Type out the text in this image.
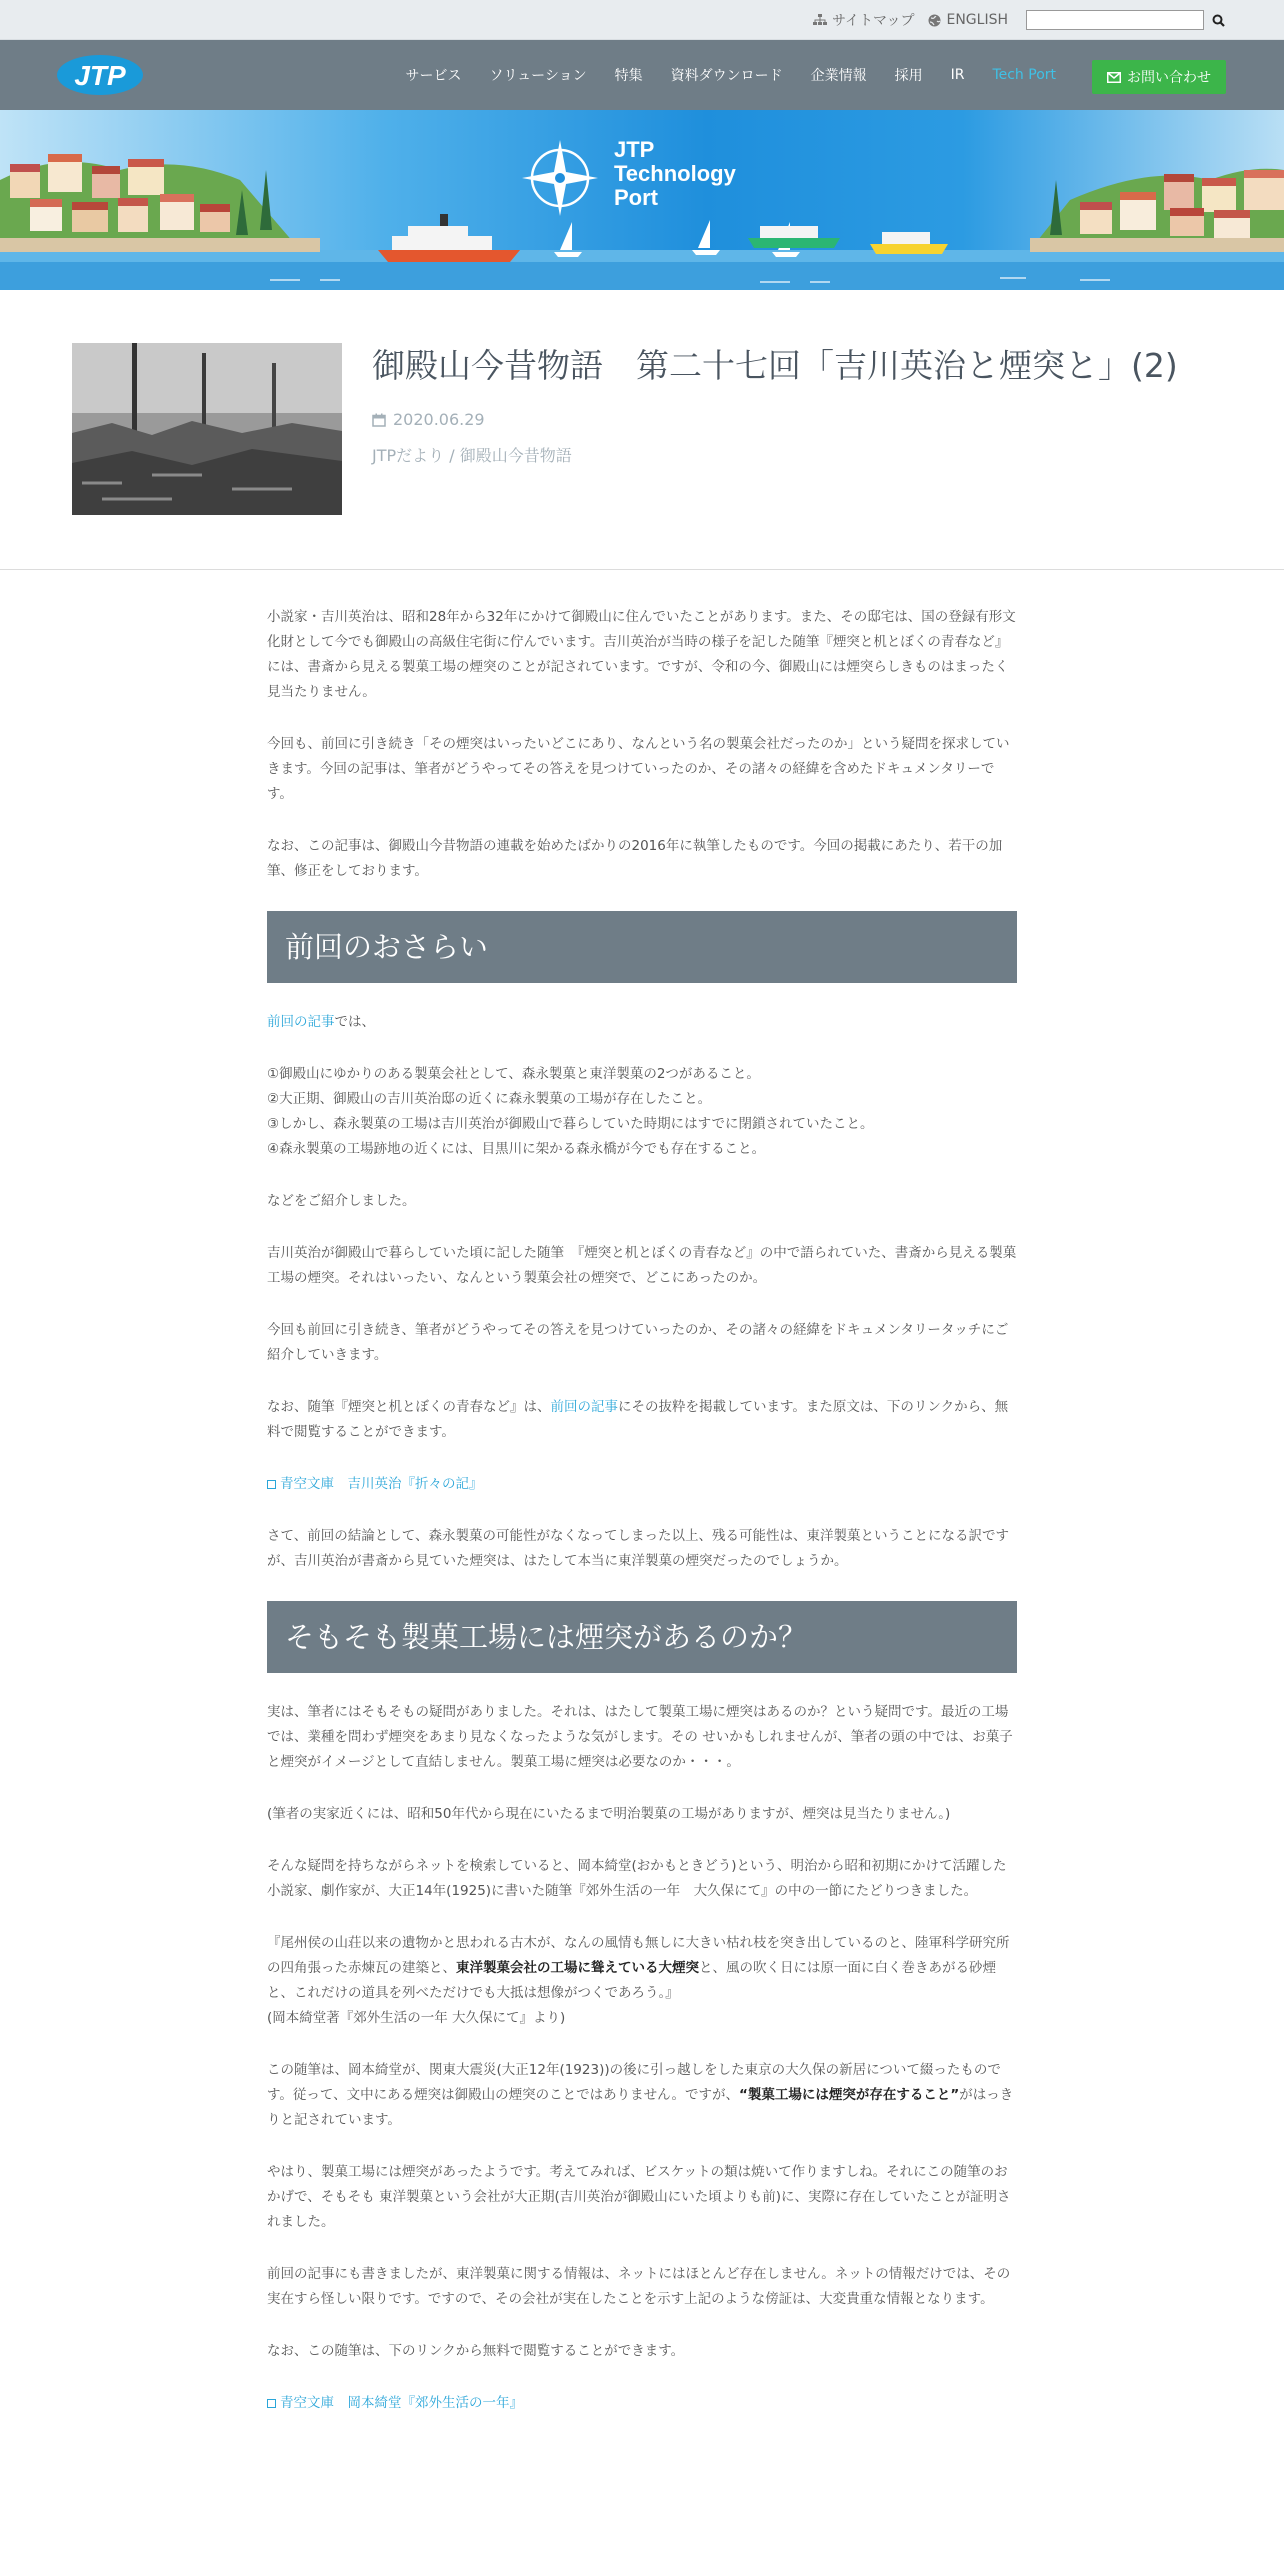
サイトマップ ENGLISH
JTP	サービス ソリューション 特集 資料ダウンロード 企業情報 採用 IR Tech Port	お問い合わせ
JTP
Technology
Port
御殿山今昔物語　第二十七回「吉川英治と煙突と」(2)
2020.06.29
JTPだより / 御殿山今昔物語

小説家・吉川英治は、昭和28年から32年にかけて御殿山に住んでいたことがあります。また、その邸宅は、国の登録有形文化財として今でも御殿山の高級住宅街に佇んでいます。吉川英治が当時の様子を記した随筆『煙突と机とぼくの青春など』には、書斎から見える製菓工場の煙突のことが記されています。ですが、令和の今、御殿山には煙突らしきものはまったく見当たりません。

今回も、前回に引き続き「その煙突はいったいどこにあり、なんという名の製菓会社だったのか」という疑問を探求していきます。今回の記事は、筆者がどうやってその答えを見つけていったのか、その諸々の経緯を含めたドキュメンタリーです。

なお、この記事は、御殿山今昔物語の連載を始めたばかりの2016年に執筆したものです。今回の掲載にあたり、若干の加筆、修正をしております。

前回のおさらい

前回の記事では、

①御殿山にゆかりのある製菓会社として、森永製菓と東洋製菓の2つがあること。

②大正期、御殿山の吉川英治邸の近くに森永製菓の工場が存在したこと。

③しかし、森永製菓の工場は吉川英治が御殿山で暮らしていた時期にはすでに閉鎖されていたこと。

④森永製菓の工場跡地の近くには、目黒川に架かる森永橋が今でも存在すること。

などをご紹介しました。

吉川英治が御殿山で暮らしていた頃に記した随筆　『煙突と机とぼくの青春など』の中で語られていた、書斎から見える製菓工場の煙突。それはいったい、なんという製菓会社の煙突で、どこにあったのか。

今回も前回に引き続き、筆者がどうやってその答えを見つけていったのか、その諸々の経緯をドキュメンタリータッチにご紹介していきます。

なお、随筆『煙突と机とぼくの青春など』は、前回の記事にその抜粋を掲載しています。また原文は、下のリンクから、無料で閲覧することができます。

青空文庫　吉川英治『折々の記』

さて、前回の結論として、森永製菓の可能性がなくなってしまった以上、残る可能性は、東洋製菓ということになる訳ですが、吉川英治が書斎から見ていた煙突は、はたして本当に東洋製菓の煙突だったのでしょうか。

そもそも製菓工場には煙突があるのか？

実は、筆者にはそもそもの疑問がありました。それは、はたして製菓工場に煙突はあるのか？という疑問です。最近の工場では、業種を問わず煙突をあまり見なくなったような気がします。その せいかもしれませんが、筆者の頭の中では、お菓子と煙突がイメージとして直結しません。製菓工場に煙突は必要なのか・・・。

(筆者の実家近くには、昭和50年代から現在にいたるまで明治製菓の工場がありますが、煙突は見当たりません。)

そんな疑問を持ちながらネットを検索していると、岡本綺堂(おかもときどう)という、明治から昭和初期にかけて活躍した小説家、劇作家が、大正14年(1925)に書いた随筆『郊外生活の一年　大久保にて』の中の一節にたどりつきました。

『尾州侯の山荘以来の遺物かと思われる古木が、なんの風情も無しに大きい枯れ枝を突き出しているのと、陸軍科学研究所の四角張った赤煉瓦の建築と、東洋製菓会社の工場に聳えている大煙突と、風の吹く日には原一面に白く巻きあがる砂煙と、これだけの道具を列べただけでも大抵は想像がつくであろう。』

(岡本綺堂著『郊外生活の一年 大久保にて』より)

この随筆は、岡本綺堂が、関東大震災(大正12年(1923))の後に引っ越しをした東京の大久保の新居について綴ったものです。従って、文中にある煙突は御殿山の煙突のことではありません。ですが、“製菓工場には煙突が存在すること”がはっきりと記されています。

やはり、製菓工場には煙突があったようです。考えてみれば、ビスケットの類は焼いて作りますしね。それにこの随筆のおかげで、そもそも 東洋製菓という会社が大正期(吉川英治が御殿山にいた頃よりも前)に、実際に存在していたことが証明されました。

前回の記事にも書きましたが、東洋製菓に関する情報は、ネットにはほとんど存在しません。ネットの情報だけでは、その実在すら怪しい限りです。ですので、その会社が実在したことを示す上記のような傍証は、大変貴重な情報となります。

なお、この随筆は、下のリンクから無料で閲覧することができます。

青空文庫　岡本綺堂『郊外生活の一年』
